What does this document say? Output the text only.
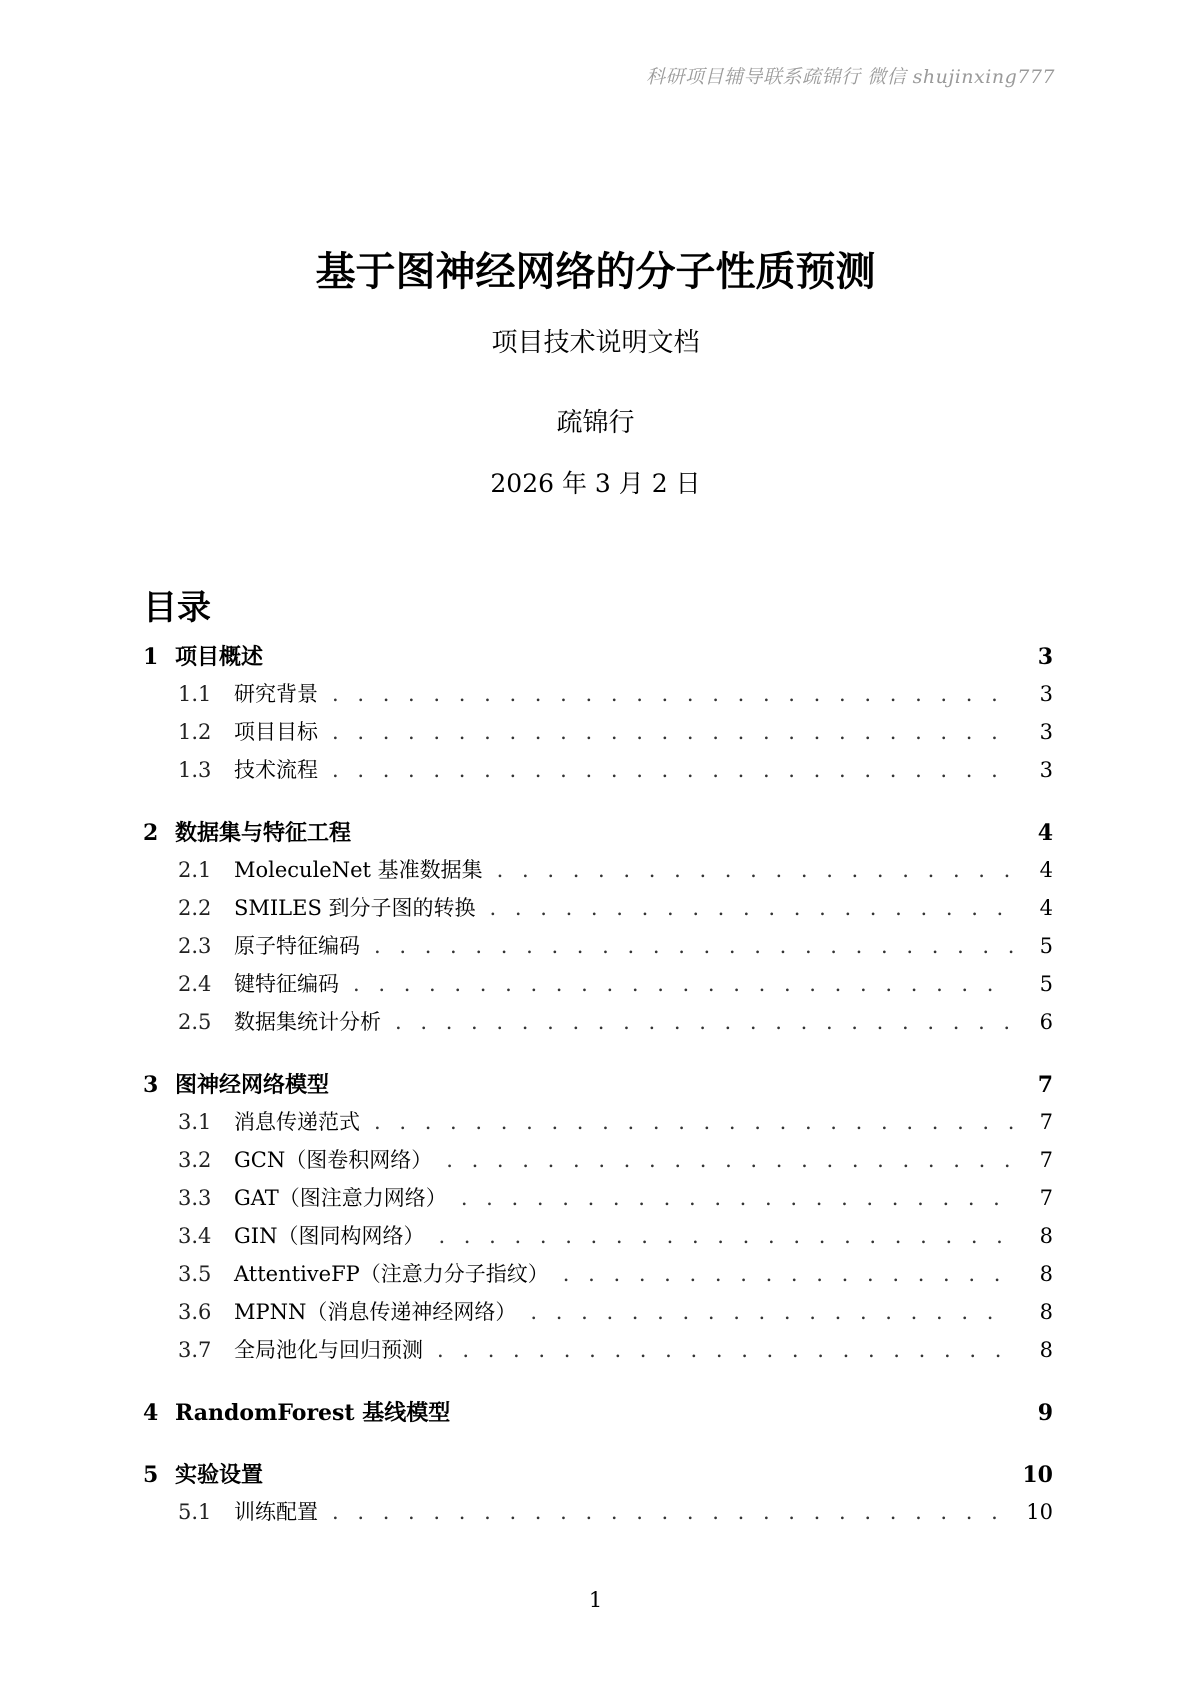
科研项目辅导联系疏锦行 微信 shujinxing777
基于图神经网络的分子性质预测
项目技术说明文档
疏锦行
2026 年 3 月 2 日
目录
1 项目概述	3
1.1	研究背景 . . .	3
1.2	项目目标 . . .	3
1.3	技术流程 . . .	3
2 数据集与特征工程	4
2.1	MoleculeNet 基准数据集 . . .	4
2.2	SMILES 到分子图的转换 . . .	4
2.3	原子特征编码 . . .	5
2.4	键特征编码 . . .	5
2.5	数据集统计分析 . . .	6
3 图神经网络模型	7
3.1	消息传递范式 . . .	7
3.2	GCN（图卷积网络） . . .	7
3.3	GAT（图注意力网络） . . .	7
3.4	GIN（图同构网络） . . .	8
3.5	AttentiveFP（注意力分子指纹） . . .	8
3.6	MPNN（消息传递神经网络） . . .	8
3.7	全局池化与回归预测 . . .	8
4 RandomForest 基线模型	9
5 实验设置	10
5.1	训练配置 . . .	10
1
